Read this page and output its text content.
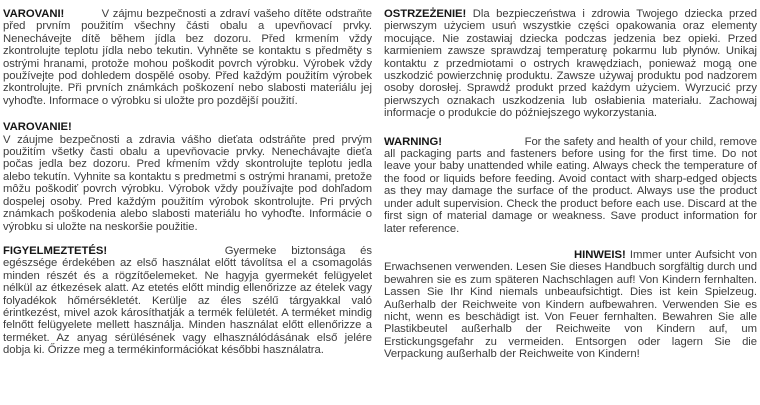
VAROVANI!	V zájmu bezpečnosti a zdraví vašeho dítěte odstraňte před prvním použitím všechny části obalu a upevňovací prvky. Nenechávejte dítě během jídla bez dozoru. Před krmením vždy zkontrolujte teplotu jídla nebo tekutin. Vyhněte se kontaktu s předměty s ostrými hranami, protože mohou poškodit povrch výrobku. Výrobek vždy používejte pod dohledem dospělé osoby. Před každým použitím výrobek zkontrolujte. Při prvních známkách poškození nebo slabosti materiálu jej vyhoďte. Informace o výrobku si uložte pro pozdější použití.

VAROVANIE!
V záujme bezpečnosti a zdravia vášho dieťata odstráňte pred prvým použitím všetky časti obalu a upevňovacie prvky. Nenechávajte dieťa počas jedla bez dozoru. Pred kŕmením vždy skontrolujte teplotu jedla alebo tekutín. Vyhnite sa kontaktu s predmetmi s ostrými hranami, pretože môžu poškodiť povrch výrobku. Výrobok vždy používajte pod dohľadom dospelej osoby. Pred každým použitím výrobok skontrolujte. Pri prvých známkach poškodenia alebo slabosti materiálu ho vyhoďte. Informácie o výrobku si uložte na neskoršie použitie.

FIGYELMEZTETÉS!	Gyermeke biztonsága és egészsége érdekében az első használat előtt távolítsa el a csomagolás minden részét és a rögzítőelemeket. Ne hagyja gyermekét felügyelet nélkül az étkezések alatt. Az etetés előtt mindig ellenőrizze az ételek vagy folyadékok hőmérsékletét. Kerülje az éles szélű tárgyakkal való érintkezést, mivel azok károsíthatják a termék felületét. A terméket mindig felnőtt felügyelete mellett használja. Minden használat előtt ellenőrizze a terméket. Az anyag sérülésének vagy elhasználódásának első jelére dobja ki. Őrizze meg a termékinformációkat későbbi használatra.

OSTRZEŻENIE! Dla bezpieczeństwa i zdrowia Twojego dziecka przed pierwszym użyciem usuń wszystkie części opakowania oraz elementy mocujące. Nie zostawiaj dziecka podczas jedzenia bez opieki. Przed karmieniem zawsze sprawdzaj temperaturę pokarmu lub płynów. Unikaj kontaktu z przedmiotami o ostrych krawędziach, ponieważ mogą one uszkodzić powierzchnię produktu. Zawsze używaj produktu pod nadzorem osoby dorosłej. Sprawdź produkt przed każdym użyciem. Wyrzucić przy pierwszych oznakach uszkodzenia lub osłabienia materiału. Zachowaj informacje o produkcie do późniejszego wykorzystania.

WARNING!	For the safety and health of your child, remove all packaging parts and fasteners before using for the first time. Do not leave your baby unattended while eating. Always check the temperature of the food or liquids before feeding. Avoid contact with sharp-edged objects as they may damage the surface of the product. Always use the product under adult supervision. Check the product before each use. Discard at the first sign of material damage or weakness. Save product information for later reference.

HINWEIS! Immer unter Aufsicht von Erwachsenen verwenden. Lesen Sie dieses Handbuch sorgfältig durch und bewahren sie es zum späteren Nachschlagen auf! Von Kindern fernhalten. Lassen Sie Ihr Kind niemals unbeaufsichtigt. Dies ist kein Spielzeug. Außerhalb der Reichweite von Kindern aufbewahren. Verwenden Sie es nicht, wenn es beschädigt ist. Von Feuer fernhalten. Bewahren Sie alle Plastikbeutel außerhalb der Reichweite von Kindern auf, um Erstickungsgefahr zu vermeiden. Entsorgen oder lagern Sie die Verpackung außerhalb der Reichweite von Kindern!
